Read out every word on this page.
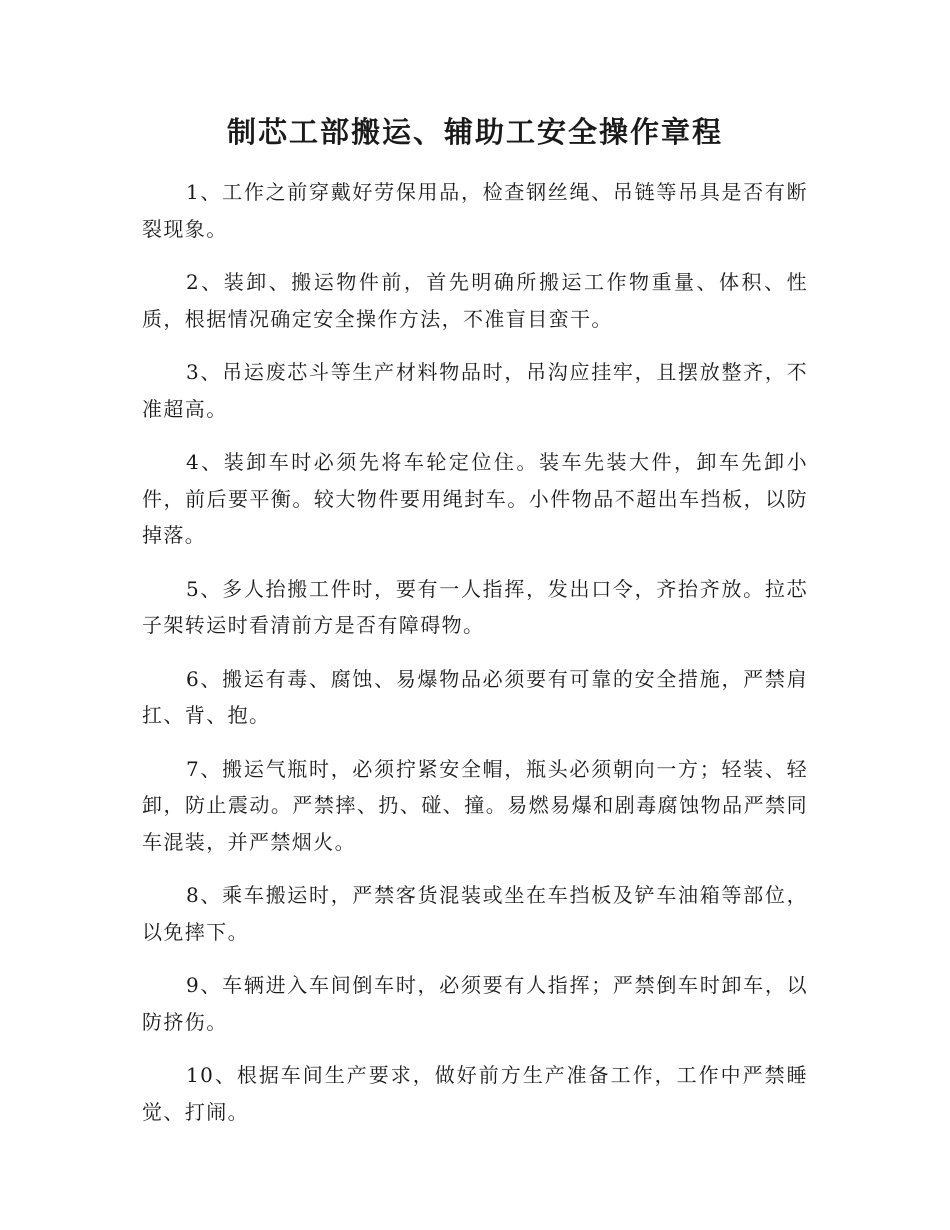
制芯工部搬运、辅助工安全操作章程

1、工作之前穿戴好劳保用品，检查钢丝绳、吊链等吊具是否有断裂现象。

2、装卸、搬运物件前，首先明确所搬运工作物重量、体积、性质，根据情况确定安全操作方法，不准盲目蛮干。

3、吊运废芯斗等生产材料物品时，吊沟应挂牢，且摆放整齐，不准超高。

4、装卸车时必须先将车轮定位住。装车先装大件，卸车先卸小件，前后要平衡。较大物件要用绳封车。小件物品不超出车挡板，以防掉落。

5、多人抬搬工件时，要有一人指挥，发出口令，齐抬齐放。拉芯子架转运时看清前方是否有障碍物。

6、搬运有毒、腐蚀、易爆物品必须要有可靠的安全措施，严禁肩扛、背、抱。

7、搬运气瓶时，必须拧紧安全帽，瓶头必须朝向一方；轻装、轻卸，防止震动。严禁摔、扔、碰、撞。易燃易爆和剧毒腐蚀物品严禁同车混装，并严禁烟火。

8、乘车搬运时，严禁客货混装或坐在车挡板及铲车油箱等部位，以免摔下。

9、车辆进入车间倒车时，必须要有人指挥；严禁倒车时卸车，以防挤伤。

10、根据车间生产要求，做好前方生产准备工作，工作中严禁睡觉、打闹。
